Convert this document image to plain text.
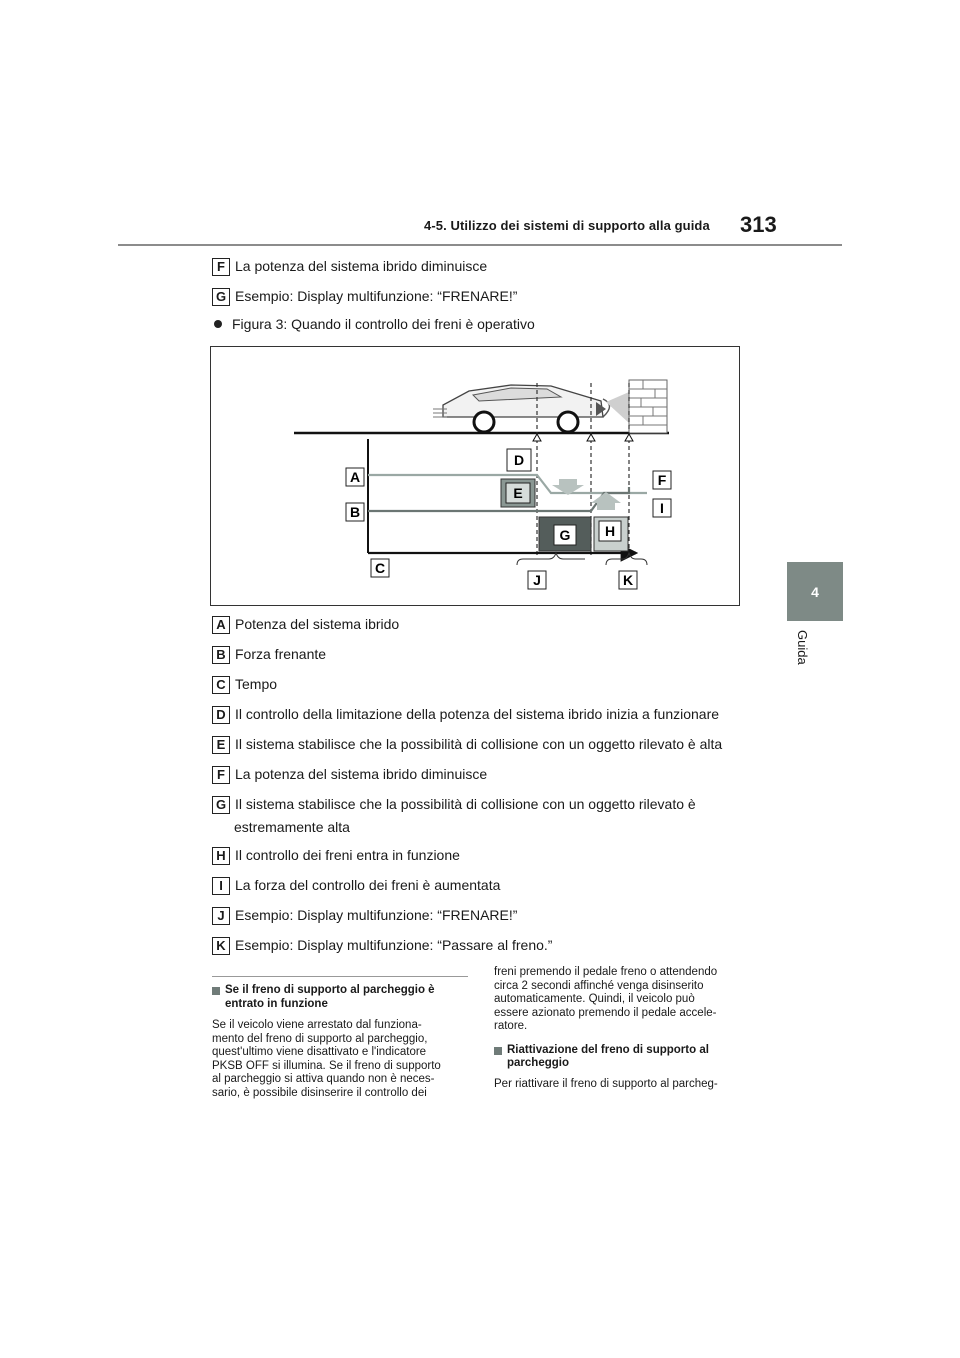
4-5. Utilizzo dei sistemi di supporto alla guida 313
4
Guida
F La potenza del sistema ibrido diminuisce
G Esempio: Display multifunzione: “FRENARE!”
Figura 3: Quando il controllo dei freni è operativo
A
B
C
D
E
F
G H
I
J	K
A Potenza del sistema ibrido
B Forza frenante
C Tempo
D Il controllo della limitazione della potenza del sistema ibrido inizia a funzionare
E Il sistema stabilisce che la possibilità di collisione con un oggetto rilevato è alta
F La potenza del sistema ibrido diminuisce
G Il sistema stabilisce che la possibilità di collisione con un oggetto rilevato è
estremamente alta
H Il controllo dei freni entra in funzione
I La forza del controllo dei freni è aumentata
J Esempio: Display multifunzione: “FRENARE!”
K Esempio: Display multifunzione: “Passare al freno.”
Se il freno di supporto al parcheggio è
entrato in funzione
Se il veicolo viene arrestato dal funziona-
mento del freno di supporto al parcheggio,
quest'ultimo viene disattivato e l'indicatore
PKSB OFF si illumina. Se il freno di supporto
al parcheggio si attiva quando non è neces-
sario, è possibile disinserire il controllo dei
freni premendo il pedale freno o attendendo
circa 2 secondi affinché venga disinserito
automaticamente. Quindi, il veicolo può
essere azionato premendo il pedale accele-
ratore.
Riattivazione del freno di supporto al
parcheggio
Per riattivare il freno di supporto al parcheg-
